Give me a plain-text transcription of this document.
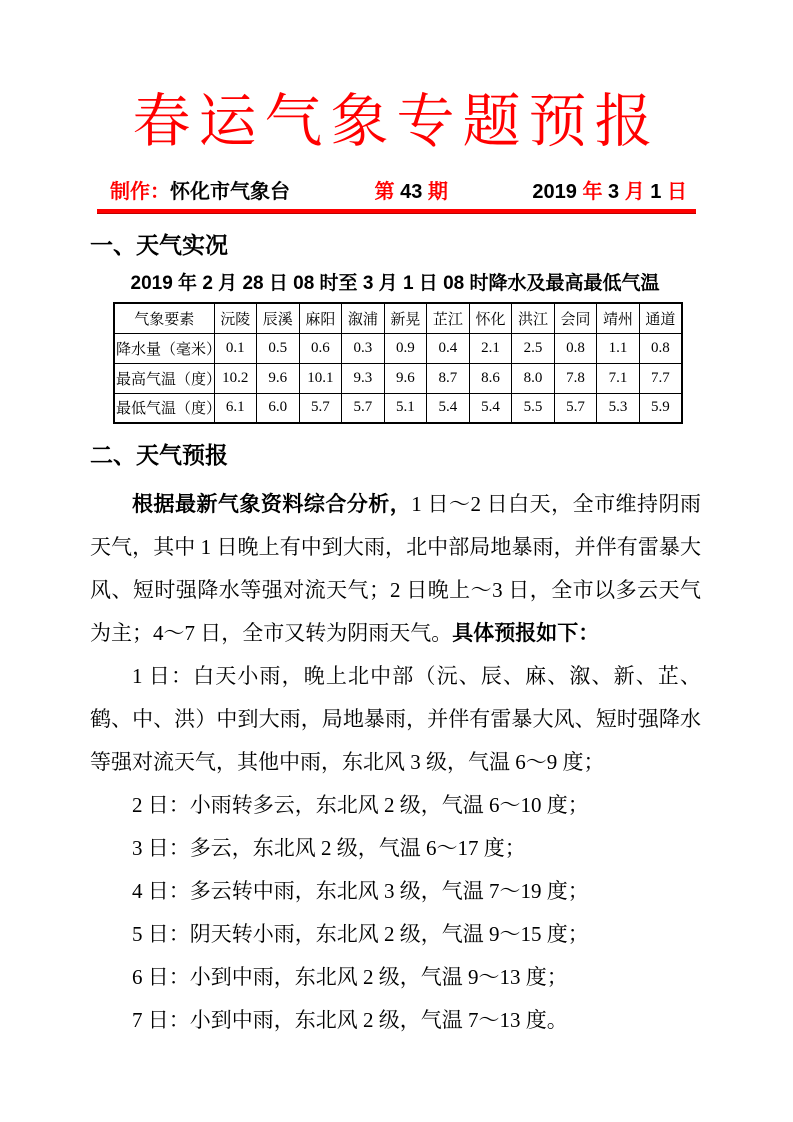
春运气象专题预报
制作：怀化市气象台	第 43 期	2019 年 3 月 1 日
一、天气实况
2019 年 2 月 28 日 08 时至 3 月 1 日 08 时降水及最高最低气温
气象要素	沅陵	辰溪	麻阳	溆浦	新晃	芷江	怀化	洪江	会同	靖州	通道
降水量（毫米）	0.1	0.5	0.6	0.3	0.9	0.4	2.1	2.5	0.8	1.1	0.8
最高气温（度）	10.2	9.6	10.1	9.3	9.6	8.7	8.6	8.0	7.8	7.1	7.7
最低气温（度）	6.1	6.0	5.7	5.7	5.1	5.4	5.4	5.5	5.7	5.3	5.9
二、天气预报

根据最新气象资料综合分析，1 日～2 日白天，全市维持阴雨天气，其中 1 日晚上有中到大雨，北中部局地暴雨，并伴有雷暴大风、短时强降水等强对流天气；2 日晚上～3 日，全市以多云天气为主；4～7 日，全市又转为阴雨天气。具体预报如下：

1 日：白天小雨，晚上北中部（沅、辰、麻、溆、新、芷、鹤、中、洪）中到大雨，局地暴雨，并伴有雷暴大风、短时强降水等强对流天气，其他中雨，东北风 3 级，气温 6～9 度；

2 日：小雨转多云，东北风 2 级，气温 6～10 度；

3 日：多云，东北风 2 级，气温 6～17 度；

4 日：多云转中雨，东北风 3 级，气温 7～19 度；

5 日：阴天转小雨，东北风 2 级，气温 9～15 度；

6 日：小到中雨，东北风 2 级，气温 9～13 度；

7 日：小到中雨，东北风 2 级，气温 7～13 度。
